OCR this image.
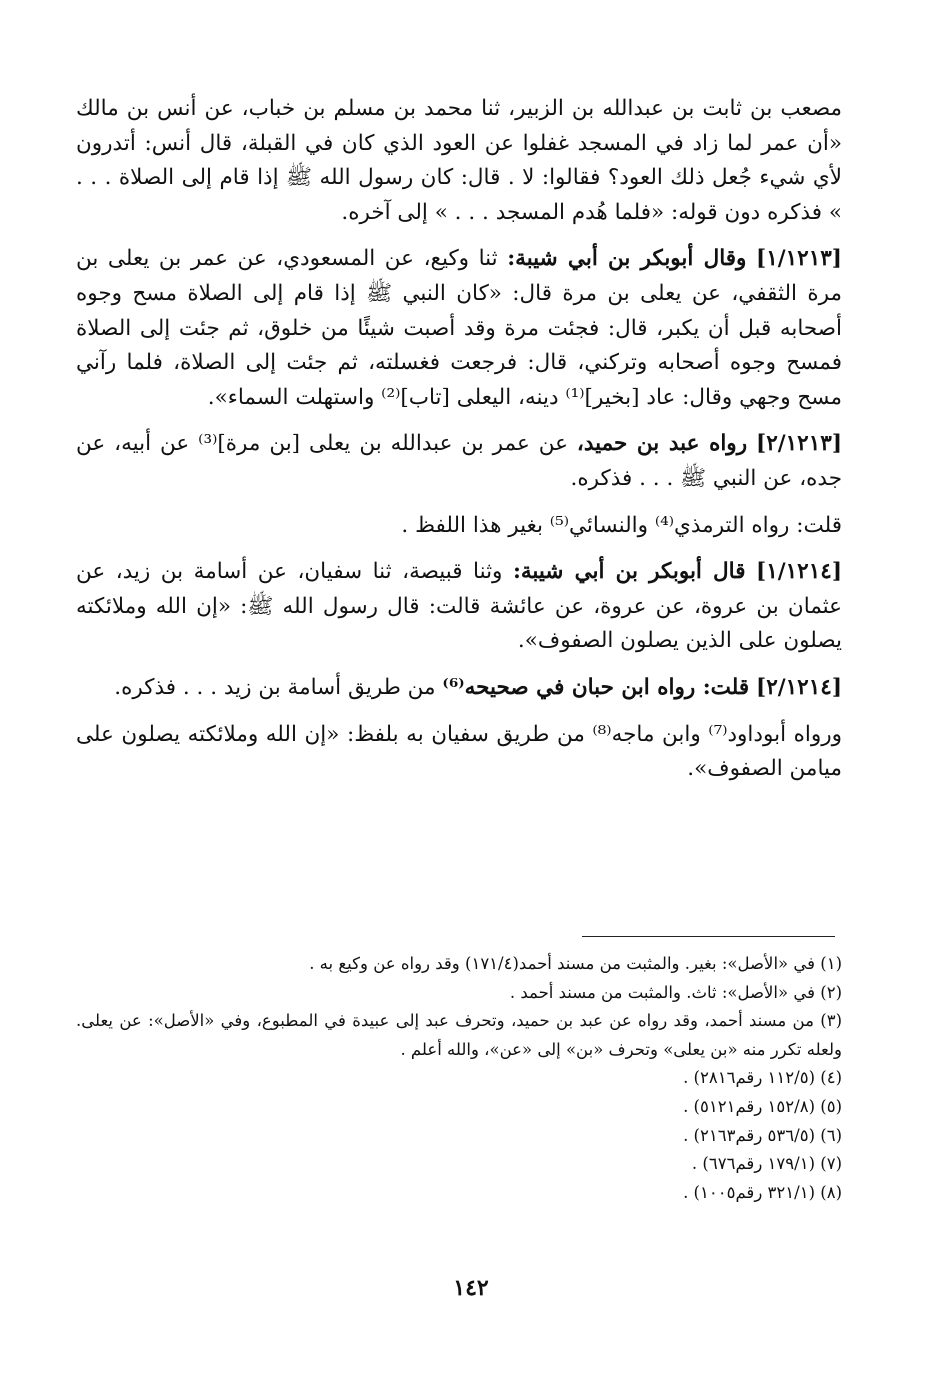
مصعب بن ثابت بن عبدالله بن الزبير، ثنا محمد بن مسلم بن خباب، عن أنس بن مالك «أن عمر لما زاد في المسجد غفلوا عن العود الذي كان في القبلة، قال أنس: أتدرون لأي شيء جُعل ذلك العود؟ فقالوا: لا . قال: كان رسول الله ﷺ إذا قام إلى الصلاة . . . » فذكره دون قوله: «فلما هُدم المسجد . . . » إلى آخره.

[١/١٢١٣] وقال أبوبكر بن أبي شيبة: ثنا وكيع، عن المسعودي، عن عمر بن يعلى بن مرة الثقفي، عن يعلى بن مرة قال: «كان النبي ﷺ إذا قام إلى الصلاة مسح وجوه أصحابه قبل أن يكبر، قال: فجئت مرة وقد أصبت شيئًا من خلوق، ثم جئت إلى الصلاة فمسح وجوه أصحابه وتركني، قال: فرجعت فغسلته، ثم جئت إلى الصلاة، فلما رآني مسح وجهي وقال: عاد [بخير]⁽¹⁾ دينه، اليعلى [تاب]⁽²⁾ واستهلت السماء».

[٢/١٢١٣] رواه عبد بن حميد، عن عمر بن عبدالله بن يعلى [بن مرة]⁽³⁾ عن أبيه، عن جده، عن النبي ﷺ . . . فذكره.

قلت: رواه الترمذي⁽⁴⁾ والنسائي⁽⁵⁾ بغير هذا اللفظ .

[١/١٢١٤] قال أبوبكر بن أبي شيبة: وثنا قبيصة، ثنا سفيان، عن أسامة بن زيد، عن عثمان بن عروة، عن عروة، عن عائشة قالت: قال رسول الله ﷺ: «إن الله وملائكته يصلون على الذين يصلون الصفوف».

[٢/١٢١٤] قلت: رواه ابن حبان في صحيحه⁽⁶⁾ من طريق أسامة بن زيد . . . فذكره.

ورواه أبوداود⁽⁷⁾ وابن ماجه⁽⁸⁾ من طريق سفيان به بلفظ: «إن الله وملائكته يصلون على ميامن الصفوف».

(١) في «الأصل»: بغير. والمثبت من مسند أحمد(١٧١/٤) وقد رواه عن وكيع به .

(٢) في «الأصل»: ثاث. والمثبت من مسند أحمد .

(٣) من مسند أحمد، وقد رواه عن عبد بن حميد، وتحرف عبد إلى عبيدة في المطبوع، وفي «الأصل»: عن يعلى. ولعله تكرر منه «بن يعلى» وتحرف «بن» إلى «عن»، والله أعلم .

(٤) (١١٢/٥ رقم٢٨١٦) .

(٥) (١٥٢/٨ رقم٥١٢١) .

(٦) (٥٣٦/٥ رقم٢١٦٣) .

(٧) (١٧٩/١ رقم٦٧٦) .

(٨) (٣٢١/١ رقم١٠٠٥) .

١٤٢
